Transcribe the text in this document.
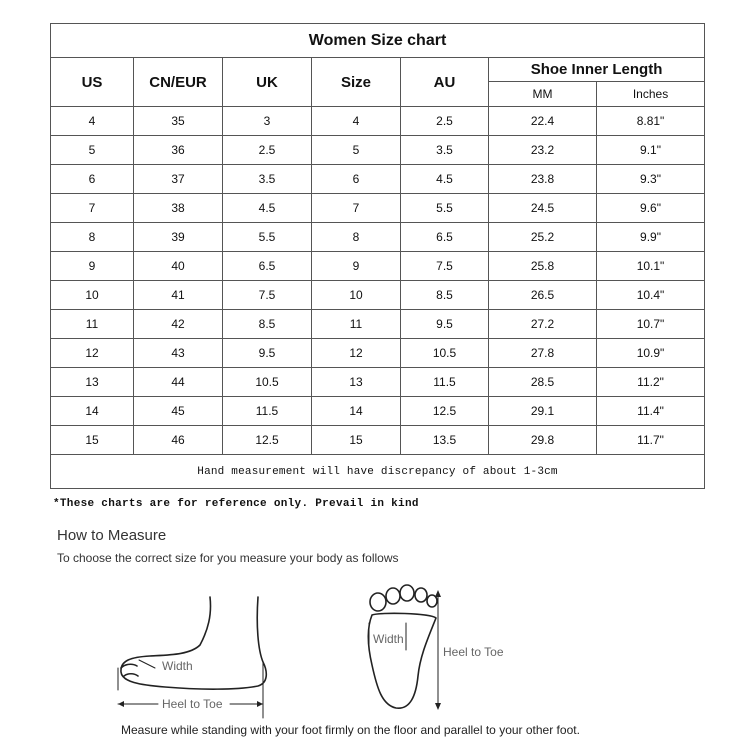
Women Size chart						
US	CN/EUR	UK	Size	AU	Shoe Inner Length	
					MM	Inches
4	35	3	4	2.5	22.4	8.81"
5	36	2.5	5	3.5	23.2	9.1"
6	37	3.5	6	4.5	23.8	9.3"
7	38	4.5	7	5.5	24.5	9.6"
8	39	5.5	8	6.5	25.2	9.9"
9	40	6.5	9	7.5	25.8	10.1"
10	41	7.5	10	8.5	26.5	10.4"
11	42	8.5	11	9.5	27.2	10.7"
12	43	9.5	12	10.5	27.8	10.9"
13	44	10.5	13	11.5	28.5	11.2"
14	45	11.5	14	12.5	29.1	11.4"
15	46	12.5	15	13.5	29.8	11.7"
Hand measurement will have discrepancy of about 1-3cm						
*These charts are for reference only. Prevail in kind
How to Measure
To choose the correct size for you measure your body as follows
Width
Heel to Toe
Width
Heel to Toe
Measure while standing with your foot firmly on the floor and parallel to your other foot.
